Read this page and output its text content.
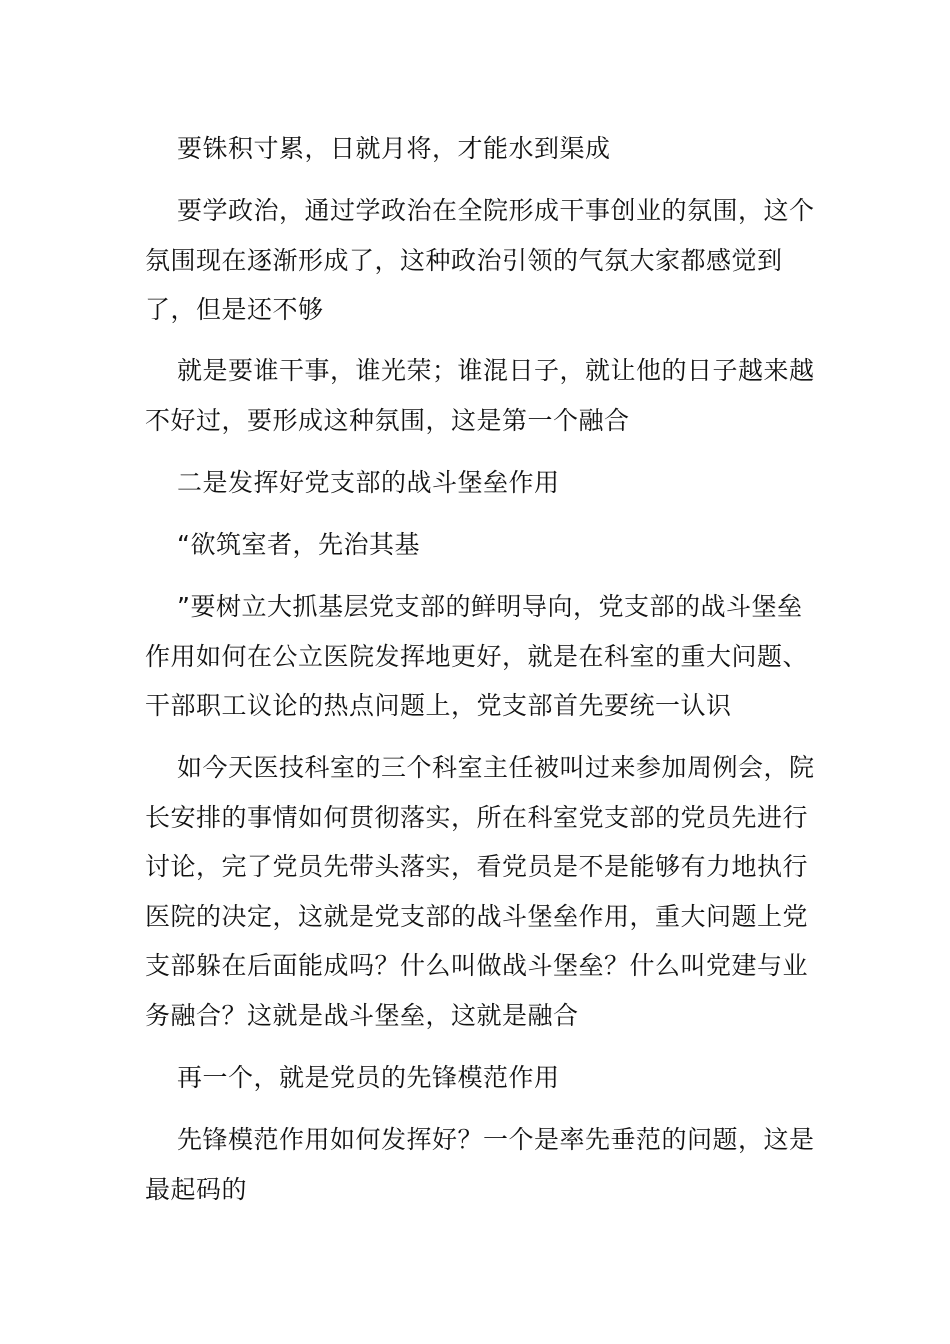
要铢积寸累，日就月将，才能水到渠成

要学政治，通过学政治在全院形成干事创业的氛围，这个氛围现在逐渐形成了，这种政治引领的气氛大家都感觉到了，但是还不够

就是要谁干事，谁光荣；谁混日子，就让他的日子越来越不好过，要形成这种氛围，这是第一个融合

二是发挥好党支部的战斗堡垒作用

“欲筑室者，先治其基

”要树立大抓基层党支部的鲜明导向，党支部的战斗堡垒作用如何在公立医院发挥地更好，就是在科室的重大问题、干部职工议论的热点问题上，党支部首先要统一认识

如今天医技科室的三个科室主任被叫过来参加周例会，院长安排的事情如何贯彻落实，所在科室党支部的党员先进行讨论，完了党员先带头落实，看党员是不是能够有力地执行医院的决定，这就是党支部的战斗堡垒作用，重大问题上党支部躲在后面能成吗？什么叫做战斗堡垒？什么叫党建与业务融合？这就是战斗堡垒，这就是融合

再一个，就是党员的先锋模范作用

先锋模范作用如何发挥好？一个是率先垂范的问题，这是最起码的
